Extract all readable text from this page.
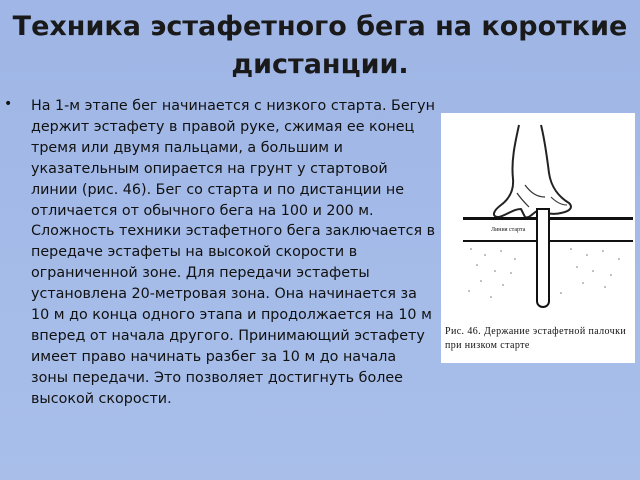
Техника эстафетного бега на короткие дистанции.
• На 1-м этапе бег начинается с низкого старта. Бегун держит эстафету в правой руке, сжимая ее конец тремя или двумя пальцами, а большим и указательным опирается на грунт у стартовой линии (рис. 46). Бег со старта и по дистанции не отличается от обычного бега на 100 и 200 м. Сложность техники эстафетного бега заключается в передаче эстафеты на высокой скорости в ограниченной зоне. Для передачи эстафеты установлена 20-метровая зона. Она начинается за 10 м до конца одного этапа и продолжается на 10 м вперед от начала другого. Принимающий эстафету имеет право начинать разбег за 10 м до начала зоны передачи. Это позволяет достигнуть более высокой скорости.

Линия старта
Рис. 46. Держание эстафетной палочки при низком старте
